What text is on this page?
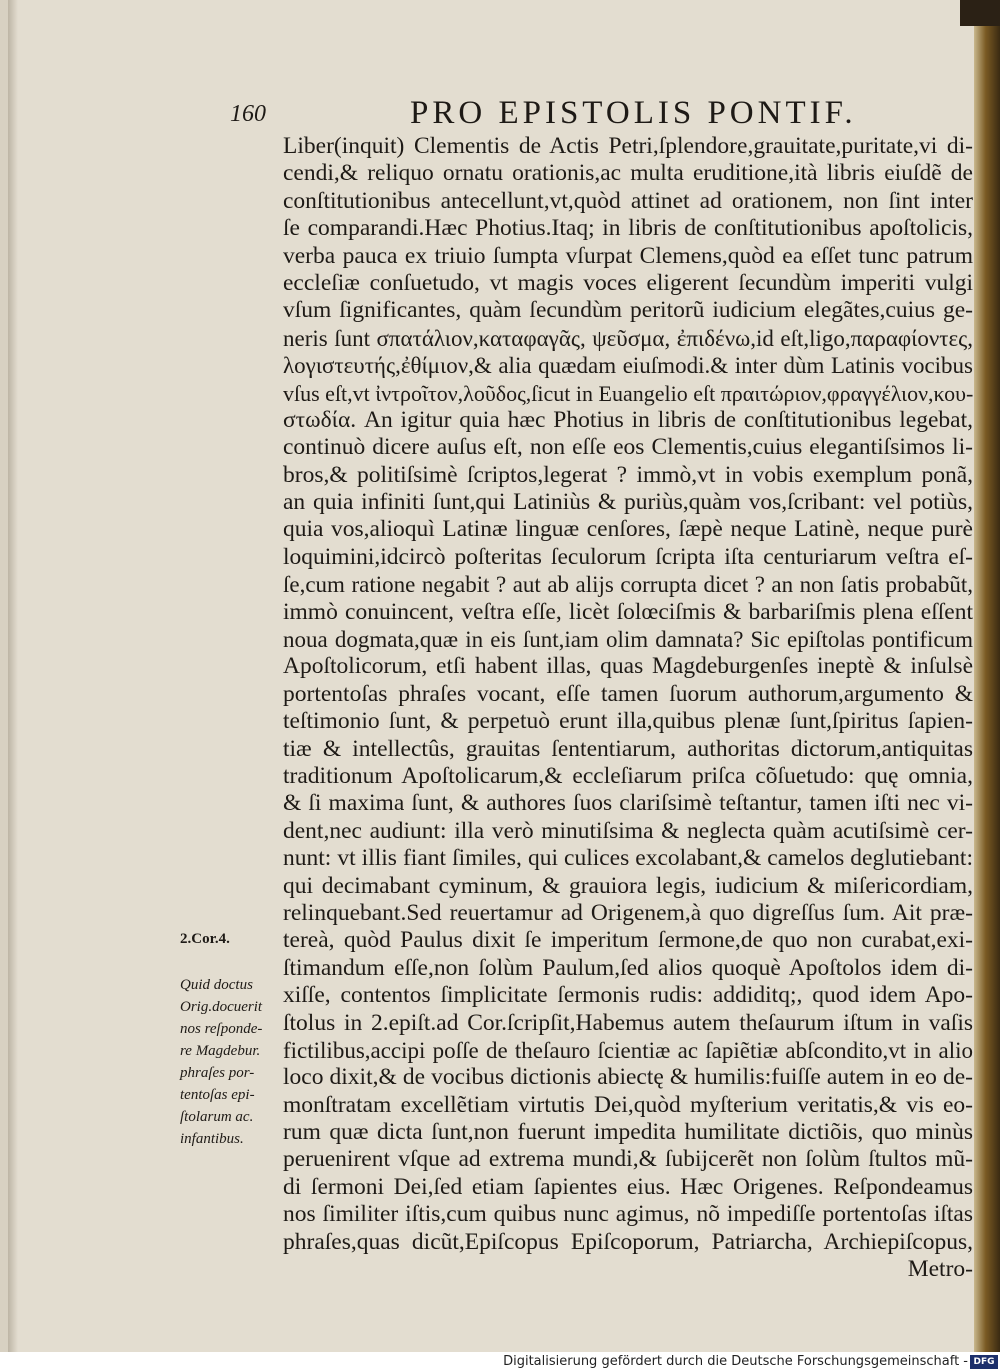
160	PRO EPISTOLIS PONTIF.
Liber(inquit) Clementis de Actis Petri,ſplendore,grauitate,puritate,vi di-
cendi,& reliquo ornatu orationis,ac multa eruditione,ità libris eiuſdẽ de
conſtitutionibus antecellunt,vt,quòd attinet ad orationem, non ſint inter
ſe comparandi.Hæc Photius.Itaq; in libris de conſtitutionibus apoſtolicis,
verba pauca ex triuio ſumpta vſurpat Clemens,quòd ea eſſet tunc patrum
eccleſiæ conſuetudo, vt magis voces eligerent ſecundùm imperiti vulgi
vſum ſignificantes, quàm ſecundùm peritorũ iudicium elegãtes,cuius ge-
neris ſunt σπατάλιον,καταφαγᾶς, ψεῦσμα, ἐπιδένω,id eſt,ligo,παραφίοντες,
λογιστευτής,ἐθίμιον,& alia quædam eiuſmodi.& inter dùm Latinis vocibus
vſus eſt,vt ἰντροῖτον,λοῦδος,ſicut in Euangelio eſt πραιτώριον,φραγγέλιον,κου-
στωδία. An igitur quia hæc Photius in libris de conſtitutionibus legebat,
continuò dicere auſus eſt, non eſſe eos Clementis,cuius elegantiſsimos li-
bros,& politiſsimè ſcriptos,legerat ? immò,vt in vobis exemplum ponã,
an quia infiniti ſunt,qui Latiniùs & puriùs,quàm vos,ſcribant: vel potiùs,
quia vos,alioquì Latinæ linguæ cenſores, ſæpè neque Latinè, neque purè
loquimini,idcircò poſteritas ſeculorum ſcripta iſta centuriarum veſtra eſ-
ſe,cum ratione negabit ? aut ab alijs corrupta dicet ? an non ſatis probabũt,
immò conuincent, veſtra eſſe, licèt ſolœciſmis & barbariſmis plena eſſent
noua dogmata,quæ in eis ſunt,iam olim damnata? Sic epiſtolas pontificum
Apoſtolicorum, etſi habent illas, quas Magdeburgenſes ineptè & inſulsè
portentoſas phraſes vocant, eſſe tamen ſuorum authorum,argumento &
teſtimonio ſunt, & perpetuò erunt illa,quibus plenæ ſunt,ſpiritus ſapien-
tiæ & intellectûs, grauitas ſententiarum, authoritas dictorum,antiquitas
traditionum Apoſtolicarum,& eccleſiarum priſca cõſuetudo: quę omnia,
& ſi maxima ſunt, & authores ſuos clariſsimè teſtantur, tamen iſti nec vi-
dent,nec audiunt: illa verò minutiſsima & neglecta quàm acutiſsimè cer-
nunt: vt illis fiant ſimiles, qui culices excolabant,& camelos deglutiebant:
qui decimabant cyminum, & grauiora legis, iudicium & miſericordiam,
relinquebant.Sed reuertamur ad Origenem,à quo digreſſus ſum. Ait præ-
tereà, quòd Paulus dixit ſe imperitum ſermone,de quo non curabat,exi-
ſtimandum eſſe,non ſolùm Paulum,ſed alios quoquè Apoſtolos idem di-
xiſſe, contentos ſimplicitate ſermonis rudis: addiditq;, quod idem Apo-
ſtolus in 2.epiſt.ad Cor.ſcripſit,Habemus autem theſaurum iſtum in vaſis
fictilibus,accipi poſſe de theſauro ſcientiæ ac ſapiẽtiæ abſcondito,vt in alio
loco dixit,& de vocibus dictionis abiectę & humilis:fuiſſe autem in eo de-
monſtratam excellẽtiam virtutis Dei,quòd myſterium veritatis,& vis eo-
rum quæ dicta ſunt,non fuerunt impedita humilitate dictiõis, quo minùs
peruenirent vſque ad extrema mundi,& ſubijcerẽt non ſolùm ſtultos mũ-
di ſermoni Dei,ſed etiam ſapientes eius. Hæc Origenes. Reſpondeamus
nos ſimiliter iſtis,cum quibus nunc agimus, nõ impediſſe portentoſas iſtas
phraſes,quas dicũt,Epiſcopus Epiſcoporum, Patriarcha, Archiepiſcopus,
Metro-
2.Cor.4.
Quid doctus
Orig.docuerit
nos reſponde-
re Magdebur.
phraſes por-
tentoſas epi-
ſtolarum ac.
infantibus.
Digitalisierung gefördert durch die Deutsche Forschungsgemeinschaft - DFG
